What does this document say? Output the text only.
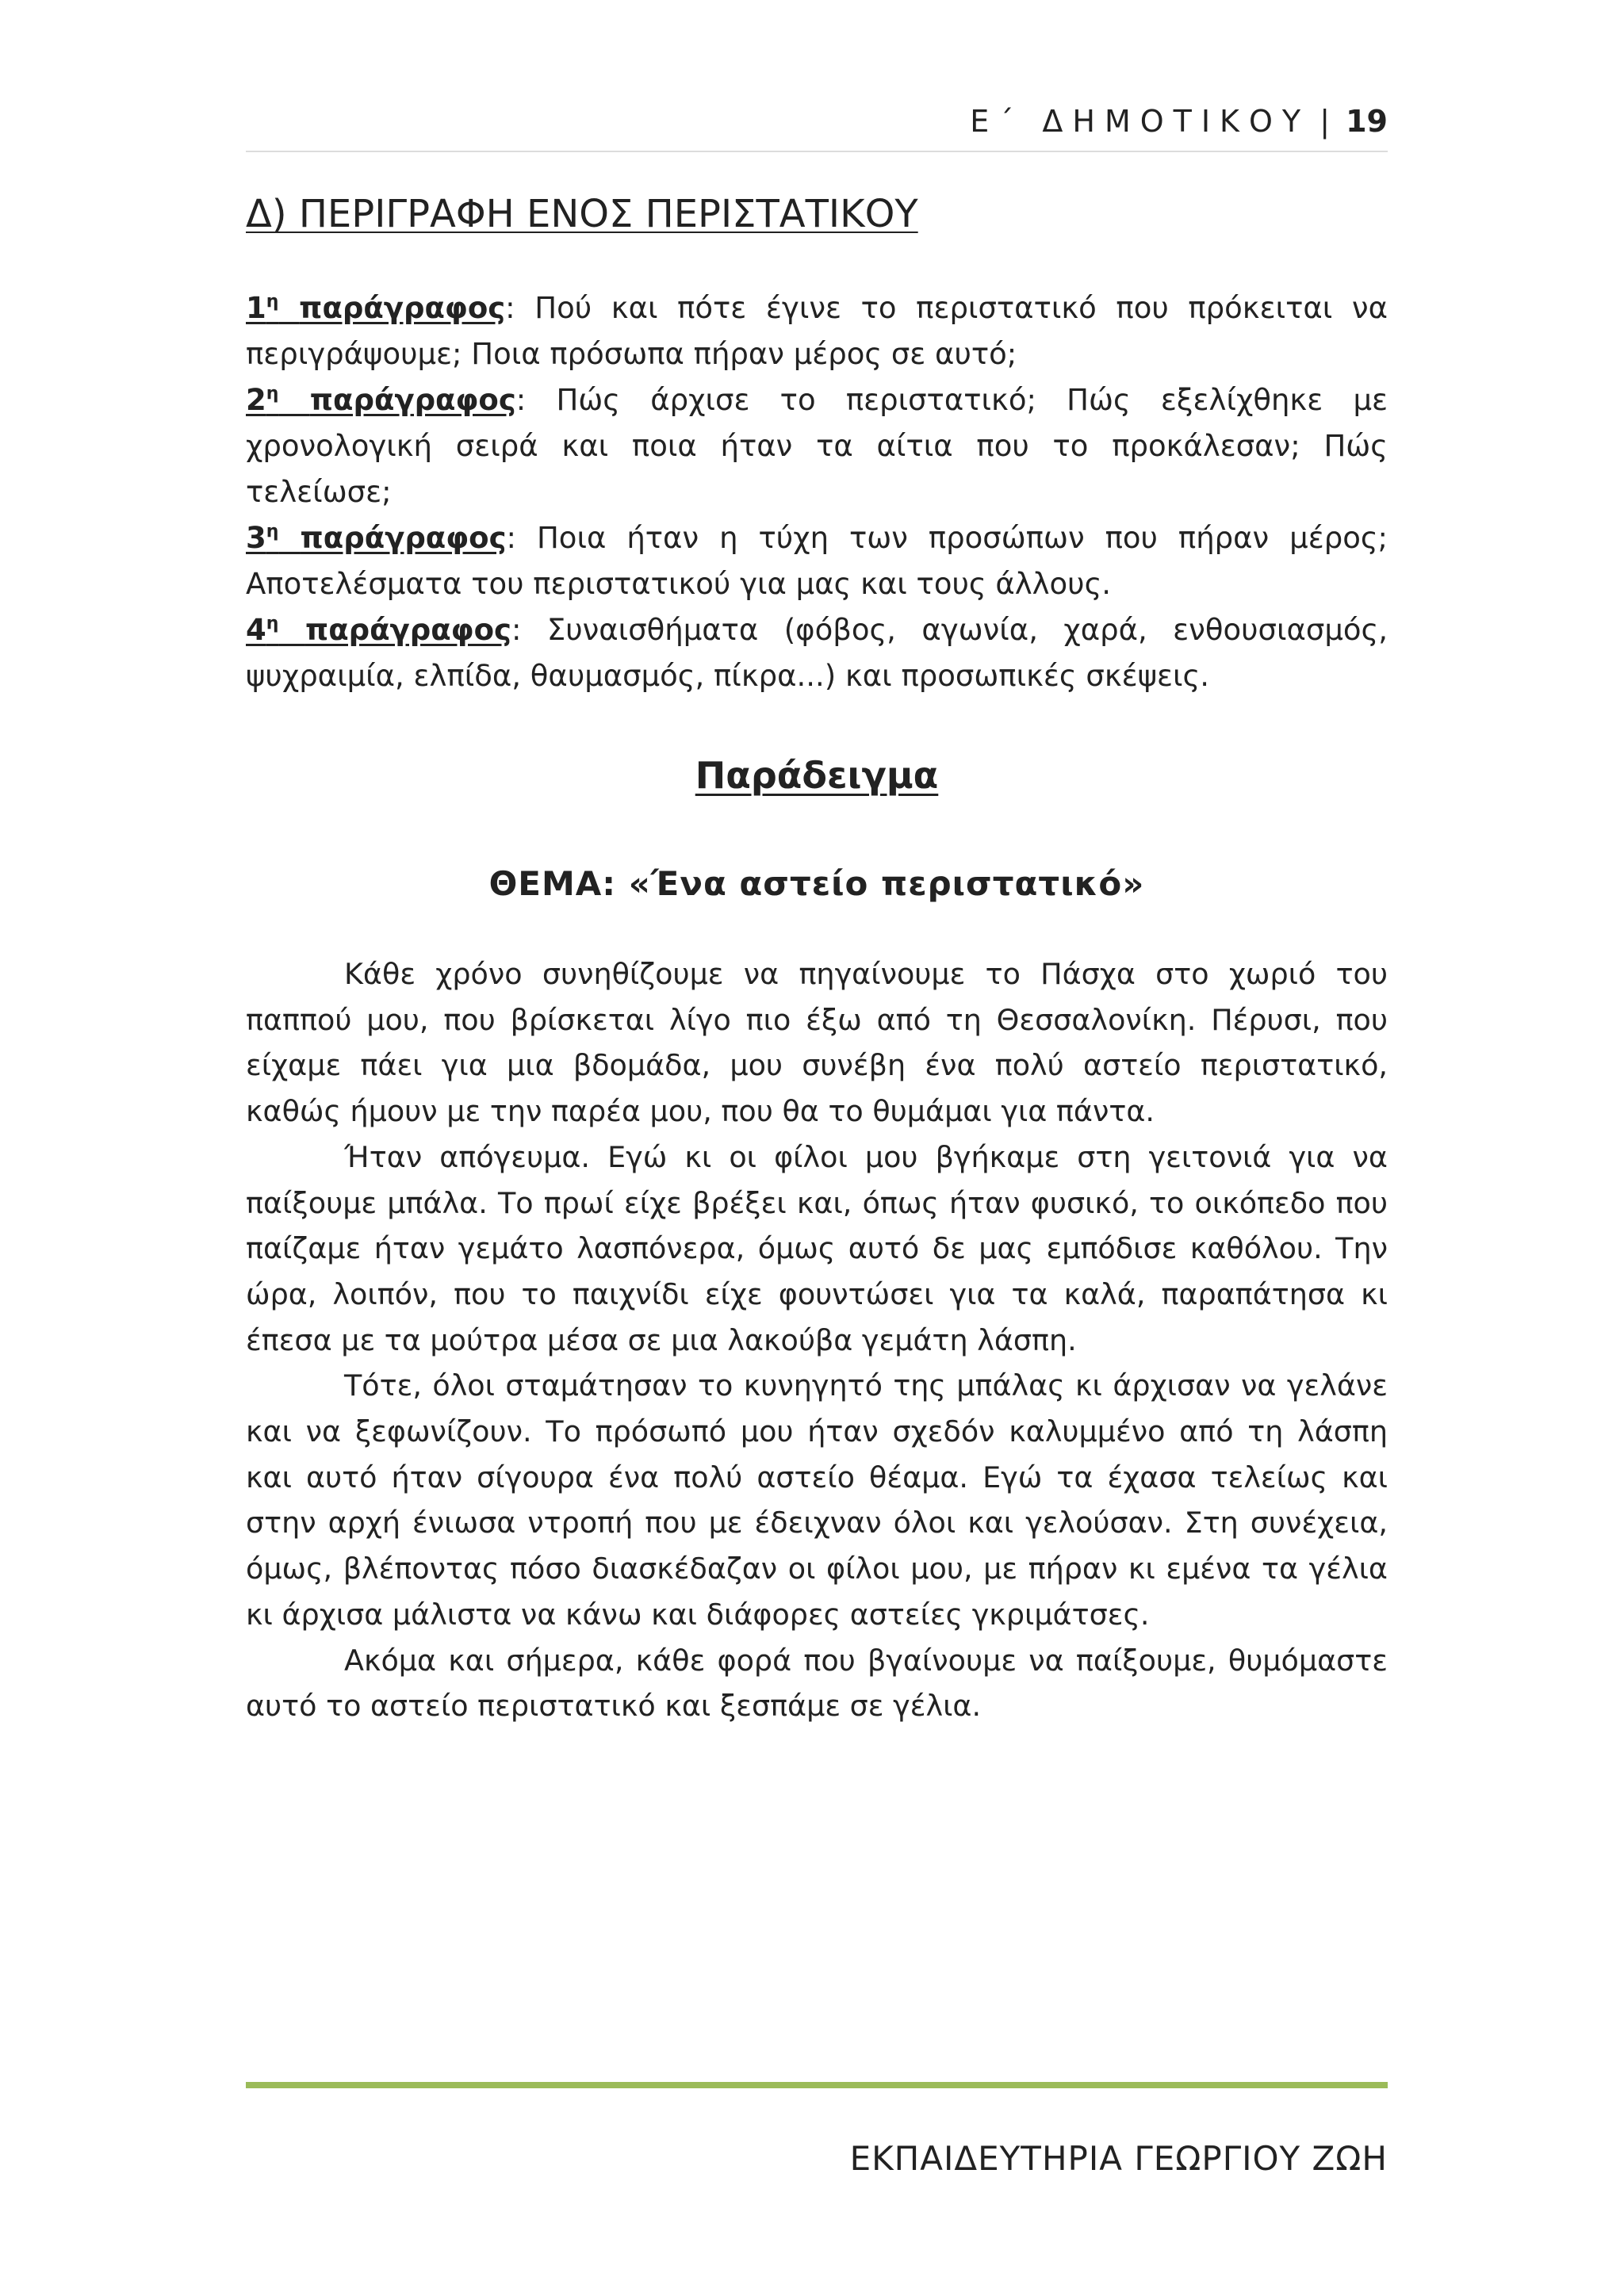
Ε΄ ΔΗΜΟΤΙΚΟΥ | 19
Δ) ΠΕΡΙΓΡΑΦΗ ΕΝΟΣ ΠΕΡΙΣΤΑΤΙΚΟΥ

$1^\eta$ παράγραφος: Πού και πότε έγινε το περιστατικό που πρόκειται να περιγράψουμε; Ποια πρόσωπα πήραν μέρος σε αυτό;

$2^\eta$ παράγραφος: Πώς άρχισε το περιστατικό; Πώς εξελίχθηκε με χρονολογική σειρά και ποια ήταν τα αίτια που το προκάλεσαν; Πώς τελείωσε;

$3^\eta$ παράγραφος: Ποια ήταν η τύχη των προσώπων που πήραν μέρος; Αποτελέσματα του περιστατικού για μας και τους άλλους.

$4^\eta$ παράγραφος: Συναισθήματα (φόβος, αγωνία, χαρά, ενθουσιασμός, ψυχραιμία, ελπίδα, θαυμασμός, πίκρα...) και προσωπικές σκέψεις.

Παράδειγμα
ΘΕΜΑ: «Ένα αστείο περιστατικό»

Κάθε χρόνο συνηθίζουμε να πηγαίνουμε το Πάσχα στο χωριό του παππού μου, που βρίσκεται λίγο πιο έξω από τη Θεσσαλονίκη. Πέρυσι, που είχαμε πάει για μια βδομάδα, μου συνέβη ένα πολύ αστείο περιστατικό, καθώς ήμουν με την παρέα μου, που θα το θυμάμαι για πάντα.

Ήταν απόγευμα. Εγώ κι οι φίλοι μου βγήκαμε στη γειτονιά για να παίξουμε μπάλα. Το πρωί είχε βρέξει και, όπως ήταν φυσικό, το οικόπεδο που παίζαμε ήταν γεμάτο λασπόνερα, όμως αυτό δε μας εμπόδισε καθόλου. Την ώρα, λοιπόν, που το παιχνίδι είχε φουντώσει για τα καλά, παραπάτησα κι έπεσα με τα μούτρα μέσα σε μια λακούβα γεμάτη λάσπη.

Τότε, όλοι σταμάτησαν το κυνηγητό της μπάλας κι άρχισαν να γελάνε και να ξεφωνίζουν. Το πρόσωπό μου ήταν σχεδόν καλυμμένο από τη λάσπη και αυτό ήταν σίγουρα ένα πολύ αστείο θέαμα. Εγώ τα έχασα τελείως και στην αρχή ένιωσα ντροπή που με έδειχναν όλοι και γελούσαν. Στη συνέχεια, όμως, βλέποντας πόσο διασκέδαζαν οι φίλοι μου, με πήραν κι εμένα τα γέλια κι άρχισα μάλιστα να κάνω και διάφορες αστείες γκριμάτσες.

Ακόμα και σήμερα, κάθε φορά που βγαίνουμε να παίξουμε, θυμόμαστε αυτό το αστείο περιστατικό και ξεσπάμε σε γέλια.

ΕΚΠΑΙΔΕΥΤΗΡΙΑ ΓΕΩΡΓΙΟΥ ΖΩΗ
